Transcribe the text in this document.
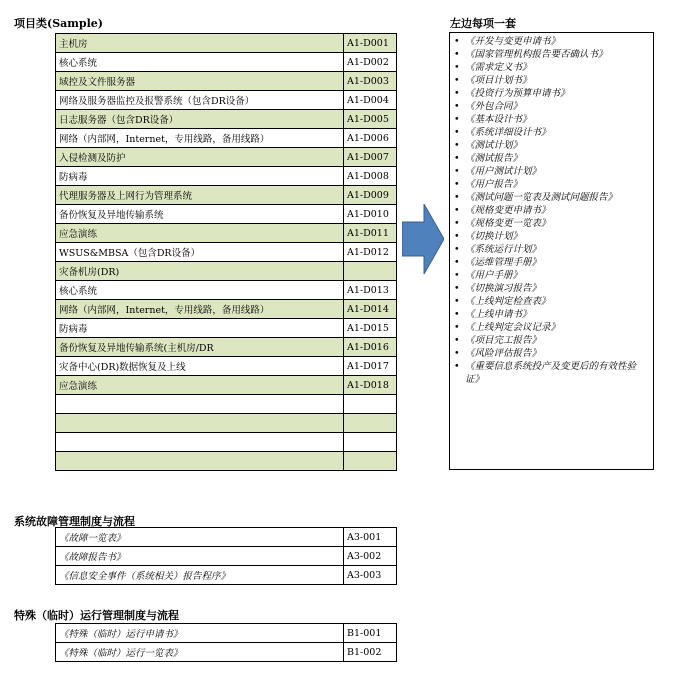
项目类(Sample)
主机房	A1-D001
核心系统	A1-D002
域控及文件服务器	A1-D003
网络及服务器监控及报警系统（包含DR设备）	A1-D004
日志服务器（包含DR设备）	A1-D005
网络（内部网，Internet，专用线路，备用线路）	A1-D006
入侵检测及防护	A1-D007
防病毒	A1-D008
代理服务器及上网行为管理系统	A1-D009
备份恢复及异地传输系统	A1-D010
应急演练	A1-D011
WSUS&MBSA（包含DR设备）	A1-D012
灾备机房(DR)	
核心系统	A1-D013
网络（内部网，Internet，专用线路，备用线路）	A1-D014
防病毒	A1-D015
备份恢复及异地传输系统(主机房/DR	A1-D016
灾备中心(DR)数据恢复及上线	A1-D017
应急演练	A1-D018

左边每项一套
• 《开发与变更申请书》
• 《国家管理机构报告要否确认书》
• 《需求定义书》
• 《项目计划书》
• 《投资行为预算申请书》
• 《外包合同》
• 《基本设计书》
• 《系统详细设计书》
• 《测试计划》
• 《测试报告》
• 《用户测试计划》
• 《用户报告》
• 《测试问题一览表及测试问题报告》
• 《规格变更申请书》
• 《规格变更一览表》
• 《切换计划》
• 《系统运行计划》
• 《运维管理手册》
• 《用户手册》
• 《切换演习报告》
• 《上线判定检查表》
• 《上线申请书》
• 《上线判定会议记录》
• 《项目完工报告》
• 《风险评估报告》
• 《重要信息系统投产及变更后的有效性验证》
系统故障管理制度与流程
《故障一览表》	A3-001
《故障报告书》	A3-002
《信息安全事件（系统相关）报告程序》	A3-003
特殊（临时）运行管理制度与流程
《特殊（临时）运行申请书》	B1-001
《特殊（临时）运行一览表》	B1-002
